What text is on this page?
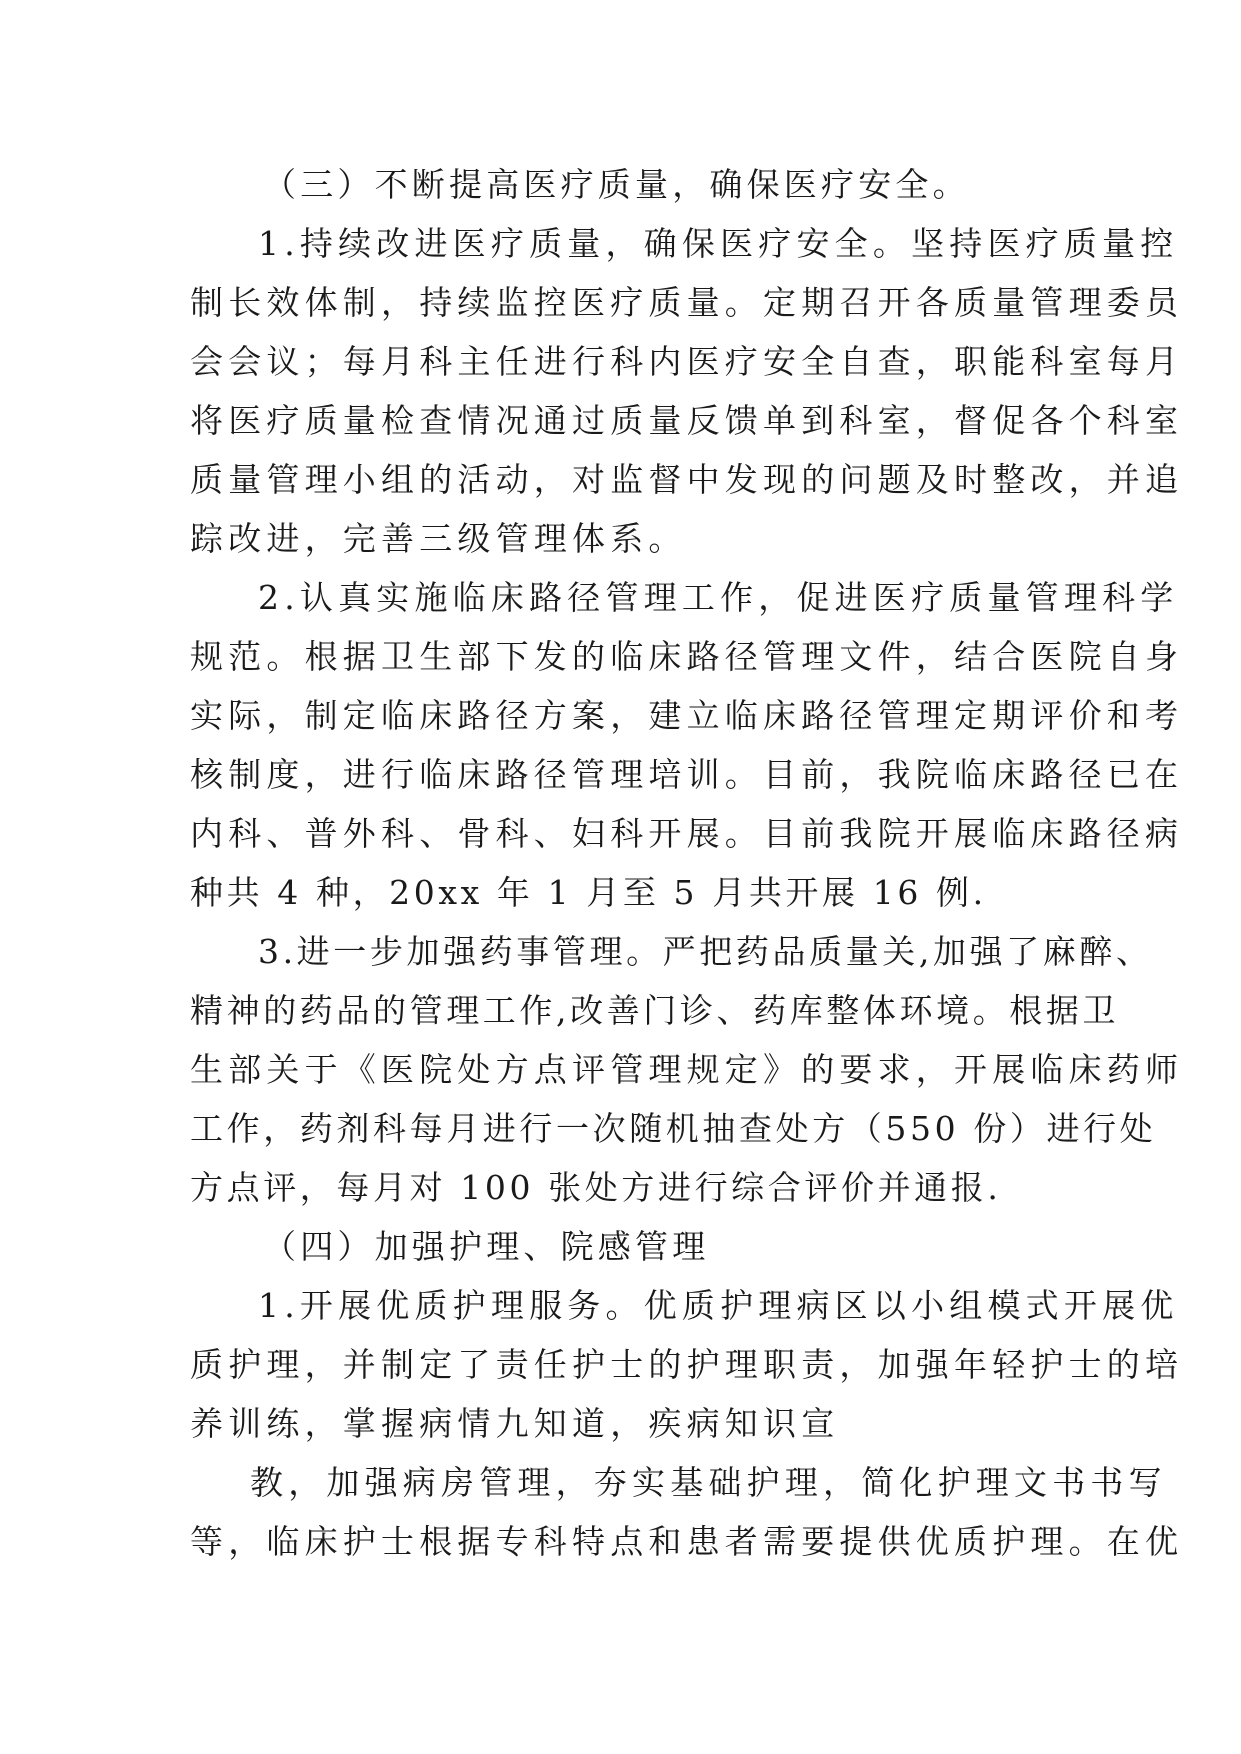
（三）不断提高医疗质量，确保医疗安全。
1.持续改进医疗质量，确保医疗安全。坚持医疗质量控
制长效体制，持续监控医疗质量。定期召开各质量管理委员
会会议；每月科主任进行科内医疗安全自查，职能科室每月
将医疗质量检查情况通过质量反馈单到科室，督促各个科室
质量管理小组的活动，对监督中发现的问题及时整改，并追
踪改进，完善三级管理体系。
2.认真实施临床路径管理工作，促进医疗质量管理科学
规范。根据卫生部下发的临床路径管理文件，结合医院自身
实际，制定临床路径方案，建立临床路径管理定期评价和考
核制度，进行临床路径管理培训。目前，我院临床路径已在
内科、普外科、骨科、妇科开展。目前我院开展临床路径病
种共 4 种，20xx 年 1 月至 5 月共开展 16 例.
3.进一步加强药事管理。严把药品质量关,加强了麻醉、
精神的药品的管理工作,改善门诊、药库整体环境。根据卫
生部关于《医院处方点评管理规定》的要求，开展临床药师
工作，药剂科每月进行一次随机抽查处方（550 份）进行处
方点评，每月对 100 张处方进行综合评价并通报.
（四）加强护理、院感管理
1.开展优质护理服务。优质护理病区以小组模式开展优
质护理，并制定了责任护士的护理职责，加强年轻护士的培
养训练，掌握病情九知道，疾病知识宣
教，加强病房管理，夯实基础护理，简化护理文书书写
等，临床护士根据专科特点和患者需要提供优质护理。在优
